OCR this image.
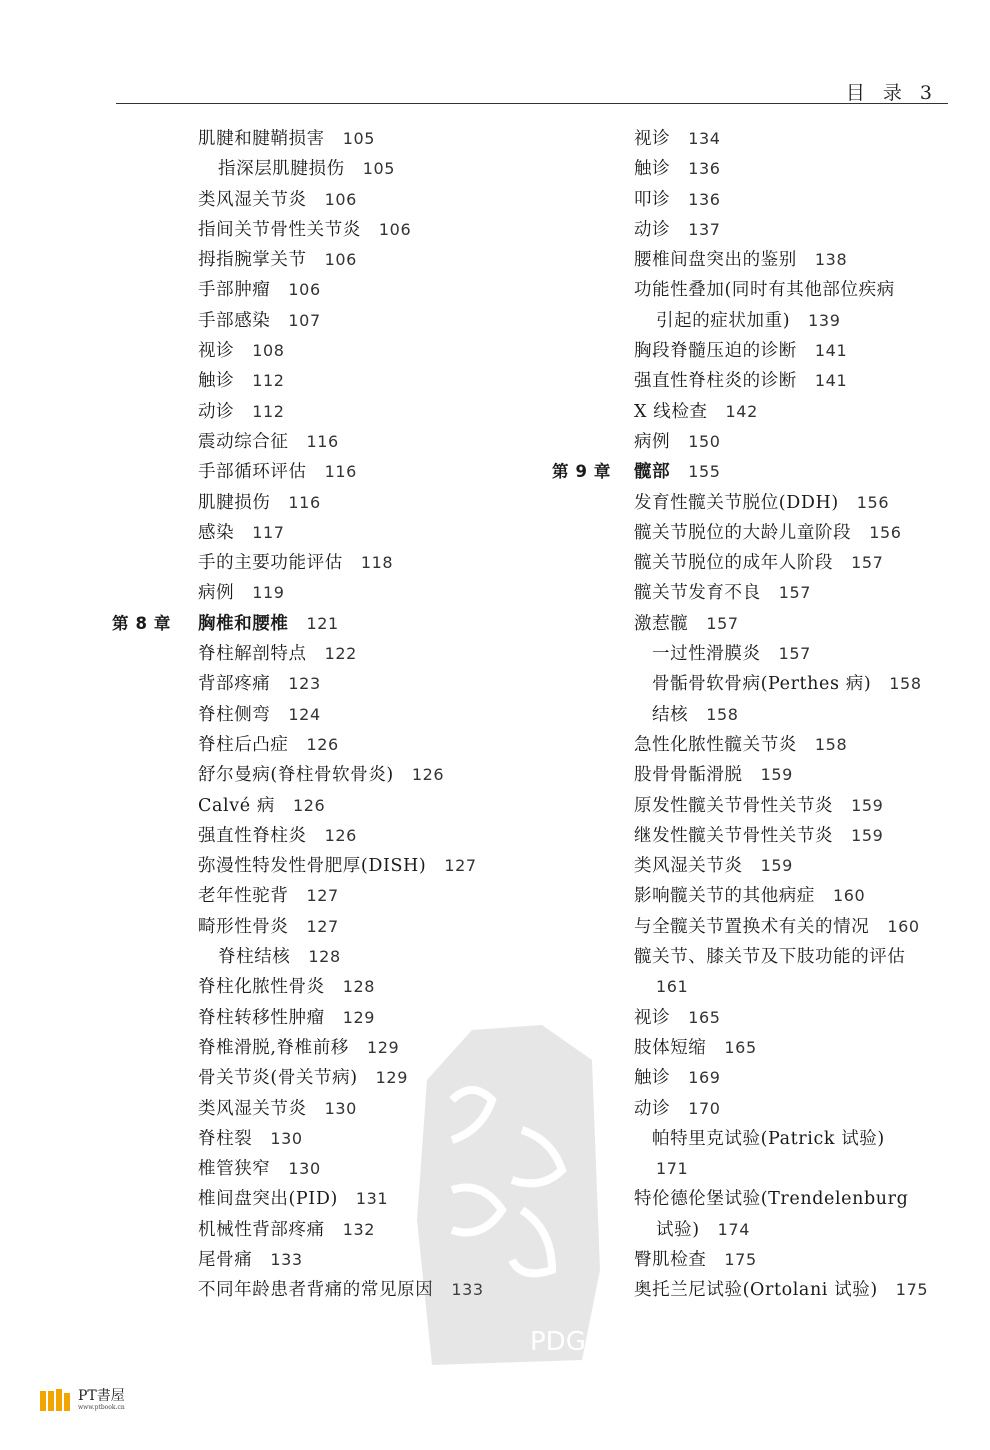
目 录 3
肌腱和腱鞘损害 105
指深层肌腱损伤 105
类风湿关节炎 106
指间关节骨性关节炎 106
拇指腕掌关节 106
手部肿瘤 106
手部感染 107
视诊 108
触诊 112
动诊 112
震动综合征 116
手部循环评估 116
肌腱损伤 116
感染 117
手的主要功能评估 118
病例 119
第 8 章 胸椎和腰椎 121
脊柱解剖特点 122
背部疼痛 123
脊柱侧弯 124
脊柱后凸症 126
舒尔曼病(脊柱骨软骨炎) 126
Calvé 病 126
强直性脊柱炎 126
弥漫性特发性骨肥厚(DISH) 127
老年性驼背 127
畸形性骨炎 127
脊柱结核 128
脊柱化脓性骨炎 128
脊柱转移性肿瘤 129
脊椎滑脱,脊椎前移 129
骨关节炎(骨关节病) 129
类风湿关节炎 130
脊柱裂 130
椎管狭窄 130
椎间盘突出(PID) 131
机械性背部疼痛 132
尾骨痛 133
不同年龄患者背痛的常见原因 133
视诊 134
触诊 136
叩诊 136
动诊 137
腰椎间盘突出的鉴别 138
功能性叠加(同时有其他部位疾病
引起的症状加重) 139
胸段脊髓压迫的诊断 141
强直性脊柱炎的诊断 141
X 线检查 142
病例 150
第 9 章 髋部 155
发育性髋关节脱位(DDH) 156
髋关节脱位的大龄儿童阶段 156
髋关节脱位的成年人阶段 157
髋关节发育不良 157
激惹髋 157
一过性滑膜炎 157
骨骺骨软骨病(Perthes 病) 158
结核 158
急性化脓性髋关节炎 158
股骨骨骺滑脱 159
原发性髋关节骨性关节炎 159
继发性髋关节骨性关节炎 159
类风湿关节炎 159
影响髋关节的其他病症 160
与全髋关节置换术有关的情况 160
髋关节、膝关节及下肢功能的评估
161
视诊 165
肢体短缩 165
触诊 169
动诊 170
帕特里克试验(Patrick 试验)
171
特伦德伦堡试验(Trendelenburg
试验) 174
臀肌检查 175
奥托兰尼试验(Ortolani 试验) 175
PDG
PT書屋
www.ptbook.cn
